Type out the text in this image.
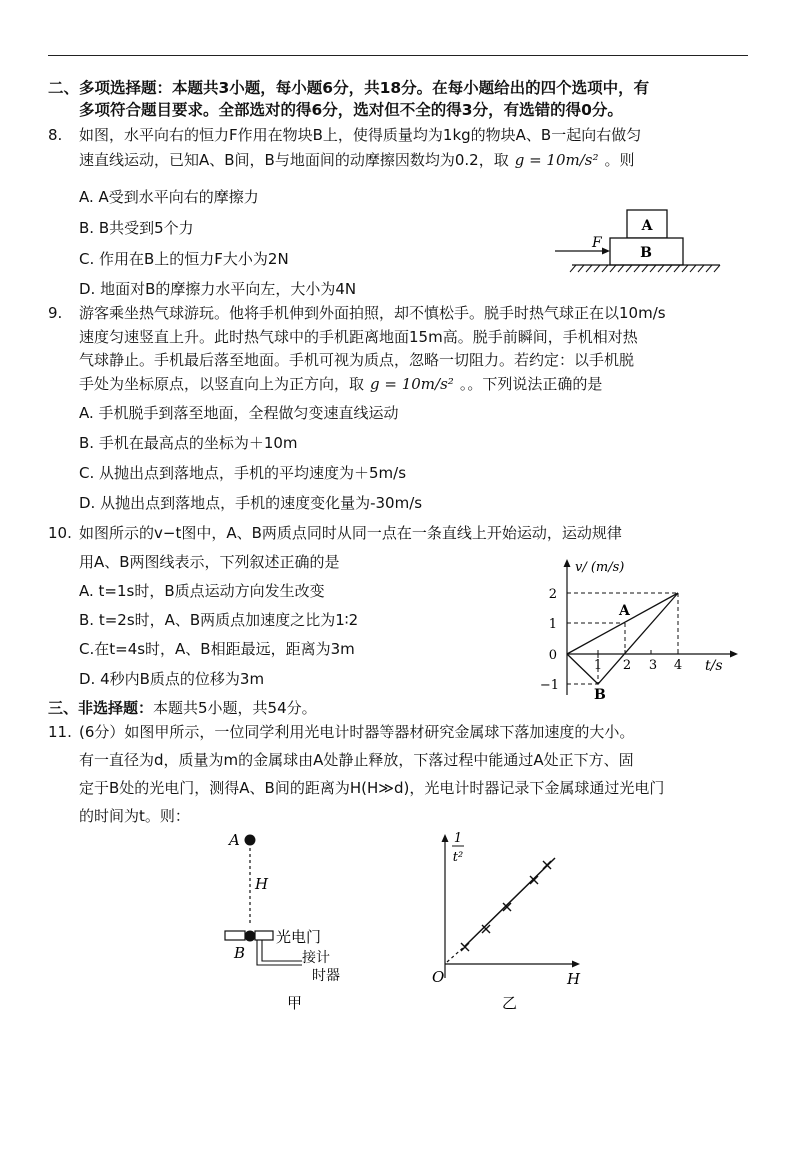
二、多项选择题：本题共3小题，每小题6分，共18分。在每小题给出的四个选项中，有
多项符合题目要求。全部选对的得6分，选对但不全的得3分，有选错的得0分。
8. 如图，水平向右的恒力F作用在物块B上，使得质量均为1kg的物块A、B一起向右做匀
速直线运动，已知A、B间，B与地面间的动摩擦因数均为0.2，取 g = 10m/s² 。则
A. A受到水平向右的摩擦力
B. B共受到5个力
C. 作用在B上的恒力F大小为2N
D. 地面对B的摩擦力水平向左，大小为4N
A
B
F
9. 游客乘坐热气球游玩。他将手机伸到外面拍照，却不慎松手。脱手时热气球正在以10m/s
速度匀速竖直上升。此时热气球中的手机距离地面15m高。脱手前瞬间，手机相对热
气球静止。手机最后落至地面。手机可视为质点，忽略一切阻力。若约定：以手机脱
手处为坐标原点，以竖直向上为正方向，取 g = 10m/s² 。。下列说法正确的是
A. 手机脱手到落至地面，全程做匀变速直线运动
B. 手机在最高点的坐标为＋10m
C. 从抛出点到落地点，手机的平均速度为＋5m/s
D. 从抛出点到落地点，手机的速度变化量为-30m/s
10. 如图所示的v−t图中，A、B两质点同时从同一点在一条直线上开始运动，运动规律
用A、B两图线表示，下列叙述正确的是
A. t=1s时，B质点运动方向发生改变
B. t=2s时，A、B两质点加速度之比为1∶2
C.在t=4s时，A、B相距最远，距离为3m
D. 4秒内B质点的位移为3m
v/ (m/s)
t/s
2
1
0
−1
1 2 3 4
A
B
三、非选择题：本题共5小题，共54分。
11. (6分）如图甲所示，一位同学利用光电计时器等器材研究金属球下落加速度的大小。
有一直径为d，质量为m的金属球由A处静止释放，下落过程中能通过A处正下方、固
定于B处的光电门，测得A、B间的距离为H(H≫d)，光电计时器记录下金属球通过光电门
的时间为t。则：
A
H
光电门
B	接计
时器
甲
1
t²
O	H
乙
